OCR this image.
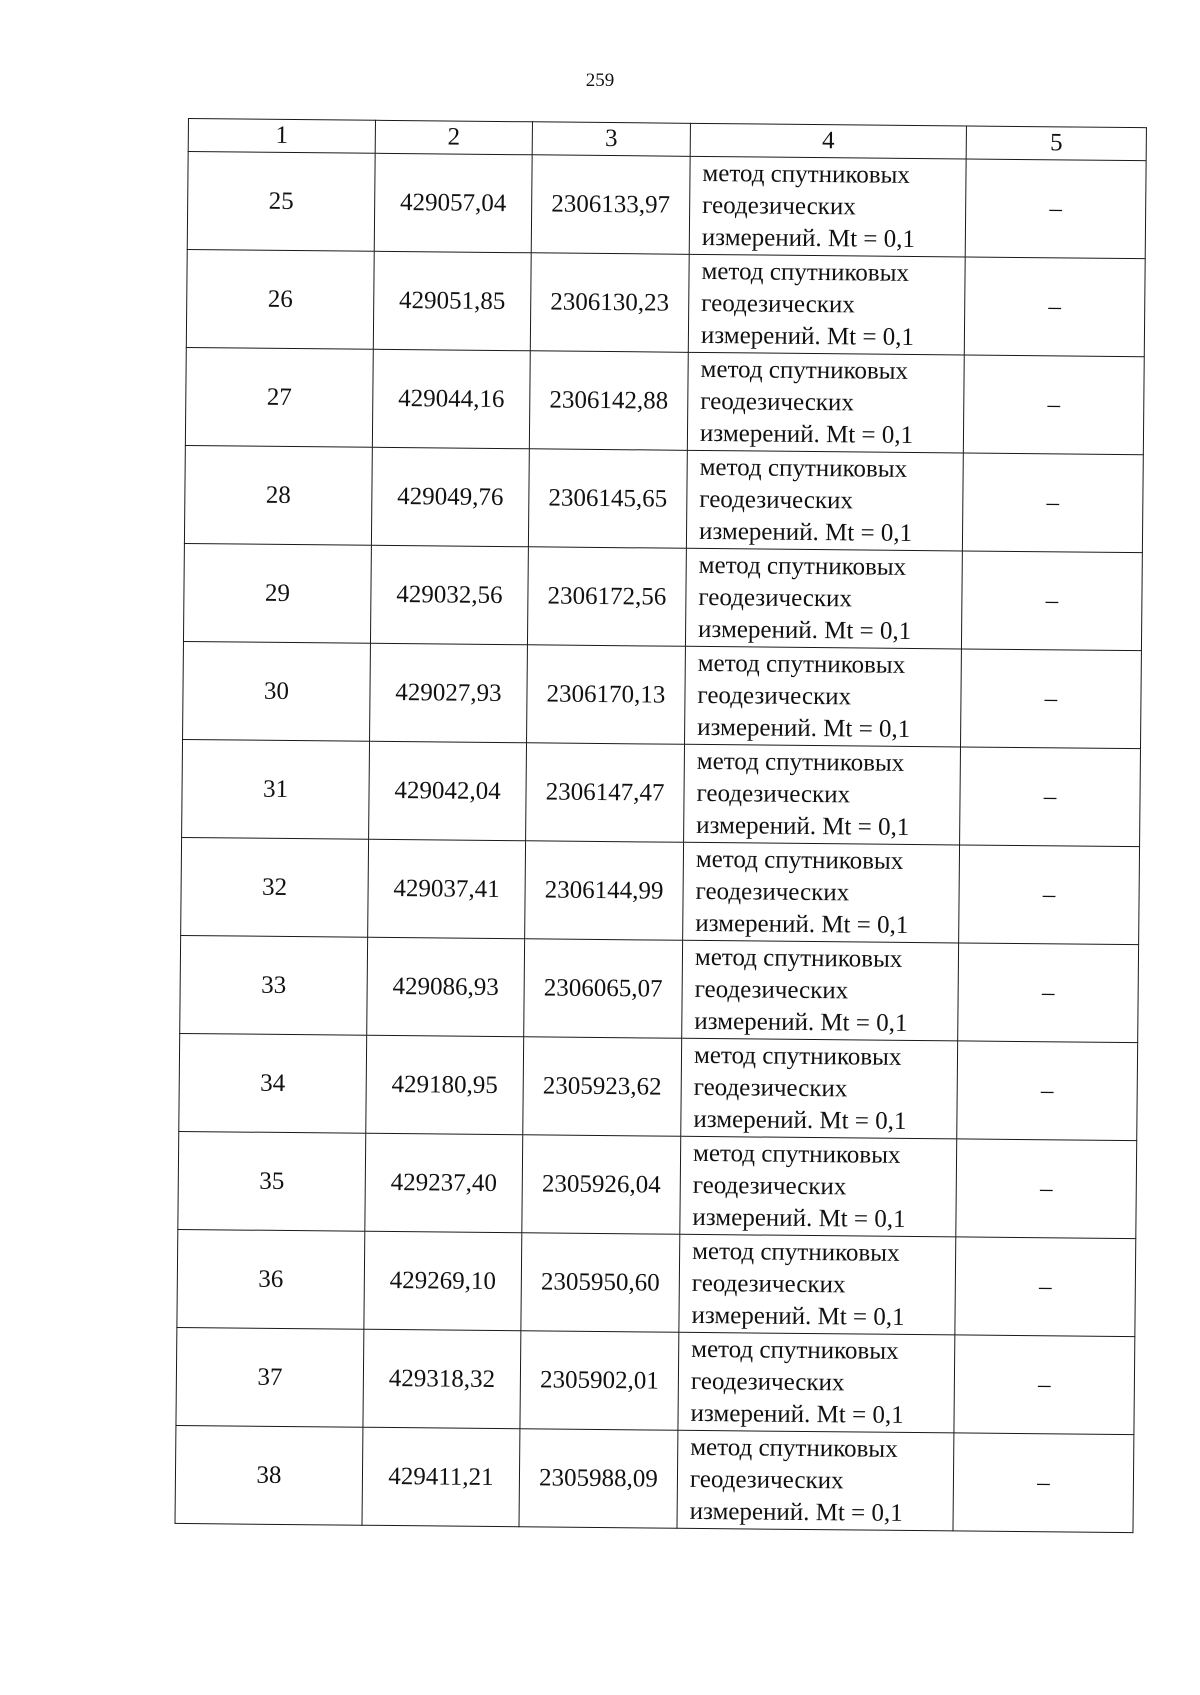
259
1	2	3	4	5
25	429057,04	2306133,97	метод спутниковых
геодезических
измерений. Mt = 0,1	–
26	429051,85	2306130,23	метод спутниковых
геодезических
измерений. Mt = 0,1	–
27	429044,16	2306142,88	метод спутниковых
геодезических
измерений. Mt = 0,1	–
28	429049,76	2306145,65	метод спутниковых
геодезических
измерений. Mt = 0,1	–
29	429032,56	2306172,56	метод спутниковых
геодезических
измерений. Mt = 0,1	–
30	429027,93	2306170,13	метод спутниковых
геодезических
измерений. Mt = 0,1	–
31	429042,04	2306147,47	метод спутниковых
геодезических
измерений. Mt = 0,1	–
32	429037,41	2306144,99	метод спутниковых
геодезических
измерений. Mt = 0,1	–
33	429086,93	2306065,07	метод спутниковых
геодезических
измерений. Mt = 0,1	–
34	429180,95	2305923,62	метод спутниковых
геодезических
измерений. Mt = 0,1	–
35	429237,40	2305926,04	метод спутниковых
геодезических
измерений. Mt = 0,1	–
36	429269,10	2305950,60	метод спутниковых
геодезических
измерений. Mt = 0,1	–
37	429318,32	2305902,01	метод спутниковых
геодезических
измерений. Mt = 0,1	–
38	429411,21	2305988,09	метод спутниковых
геодезических
измерений. Mt = 0,1	–
